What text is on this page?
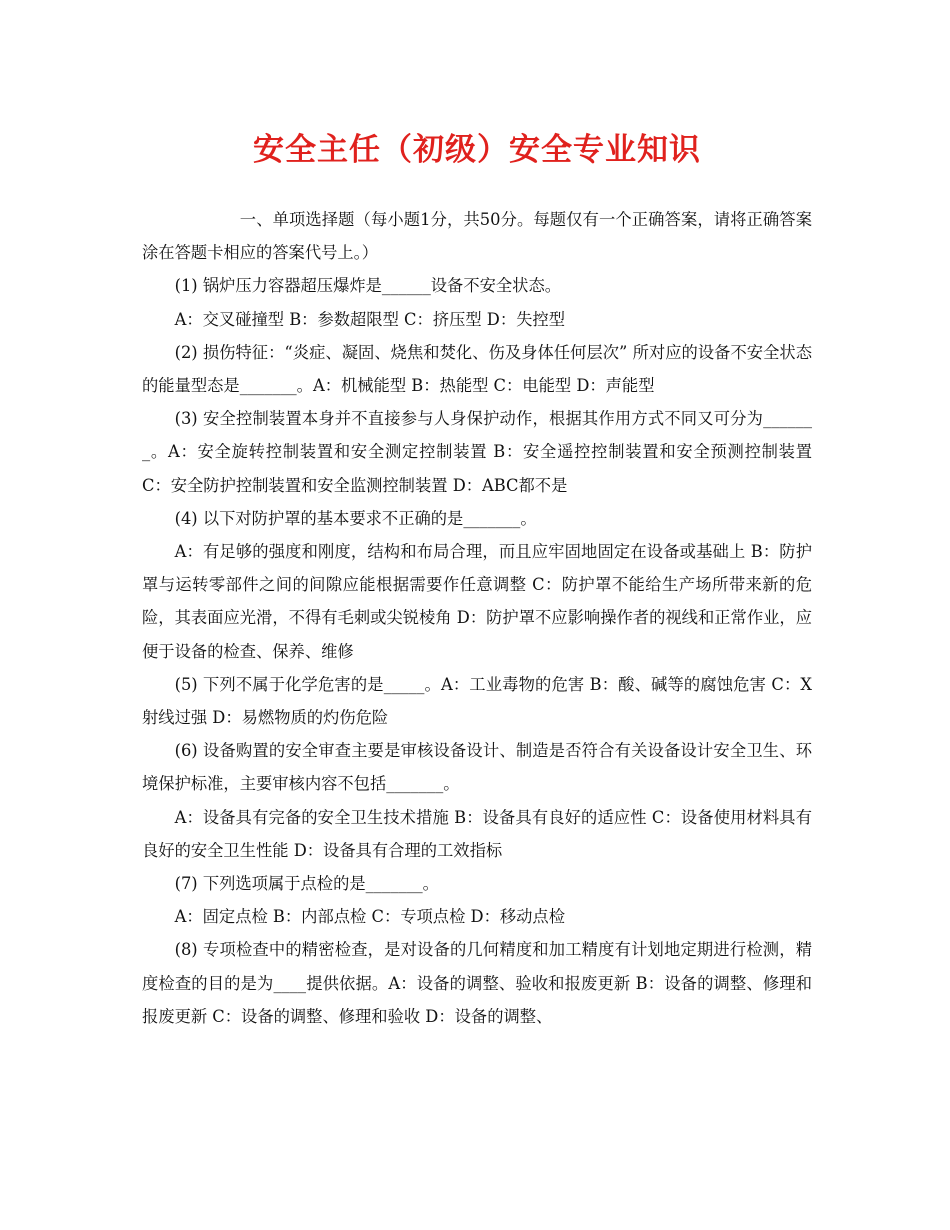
安全主任（初级）安全专业知识

一、单项选择题（每小题1分，共50分。每题仅有一个正确答案，请将正确答案涂在答题卡相应的答案代号上。）

(1) 锅炉压力容器超压爆炸是______设备不安全状态。

A：交叉碰撞型 B：参数超限型 C：挤压型 D：失控型

(2) 损伤特征：“炎症、凝固、烧焦和焚化、伤及身体任何层次” 所对应的设备不安全状态的能量型态是_______。A：机械能型 B：热能型 C：电能型 D：声能型

(3) 安全控制装置本身并不直接参与人身保护动作，根据其作用方式不同又可分为_______。A：安全旋转控制装置和安全测定控制装置 B：安全遥控控制装置和安全预测控制装置 C：安全防护控制装置和安全监测控制装置 D：ABC都不是

(4) 以下对防护罩的基本要求不正确的是_______。

A：有足够的强度和刚度，结构和布局合理，而且应牢固地固定在设备或基础上 B：防护罩与运转零部件之间的间隙应能根据需要作任意调整 C：防护罩不能给生产场所带来新的危险，其表面应光滑，不得有毛刺或尖锐棱角 D：防护罩不应影响操作者的视线和正常作业，应便于设备的检查、保养、维修

(5) 下列不属于化学危害的是_____。A：工业毒物的危害 B：酸、碱等的腐蚀危害 C：X射线过强 D：易燃物质的灼伤危险

(6) 设备购置的安全审查主要是审核设备设计、制造是否符合有关设备设计安全卫生、环境保护标准，主要审核内容不包括_______。

A：设备具有完备的安全卫生技术措施 B：设备具有良好的适应性 C：设备使用材料具有良好的安全卫生性能 D：设备具有合理的工效指标

(7) 下列选项属于点检的是_______。

A：固定点检 B：内部点检 C：专项点检 D：移动点检

(8) 专项检查中的精密检查，是对设备的几何精度和加工精度有计划地定期进行检测，精度检查的目的是为____提供依据。A：设备的调整、验收和报废更新 B：设备的调整、修理和报废更新 C：设备的调整、修理和验收 D：设备的调整、
